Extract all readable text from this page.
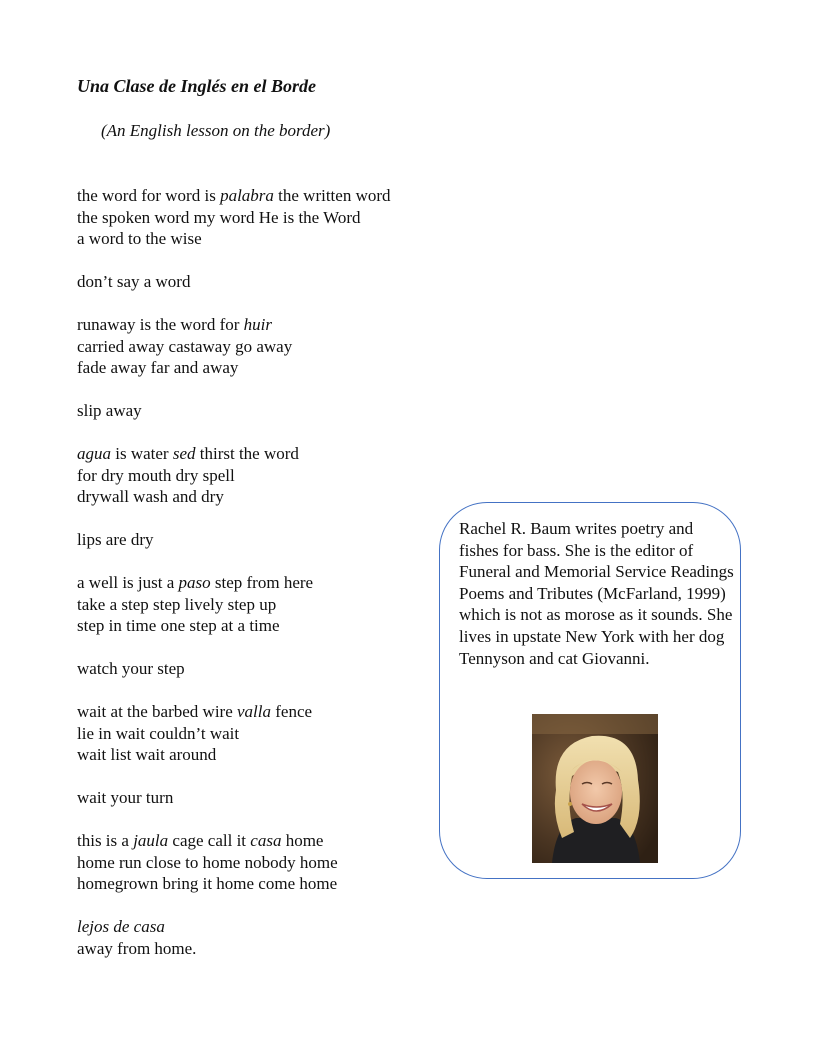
Una Clase de Inglés en el Borde

(An English lesson on the border)

the word for word is palabra the written word
the spoken word my word He is the Word
a word to the wise
don’t say a word
runaway is the word for huir
carried away castaway go away
fade away far and away
slip away
agua is water sed thirst the word
for dry mouth dry spell
drywall wash and dry
lips are dry
a well is just a paso step from here
take a step step lively step up
step in time one step at a time
watch your step
wait at the barbed wire valla fence
lie in wait couldn’t wait
wait list wait around
wait your turn
this is a jaula cage call it casa home
home run close to home nobody home
homegrown bring it home come home
lejos de casa
away from home.

Rachel R. Baum writes poetry and fishes for bass. She is the editor of Funeral and Memorial Service Readings Poems and Tributes (McFarland, 1999) which is not as morose as it sounds. She lives in upstate New York with her dog Tennyson and cat Giovanni.
